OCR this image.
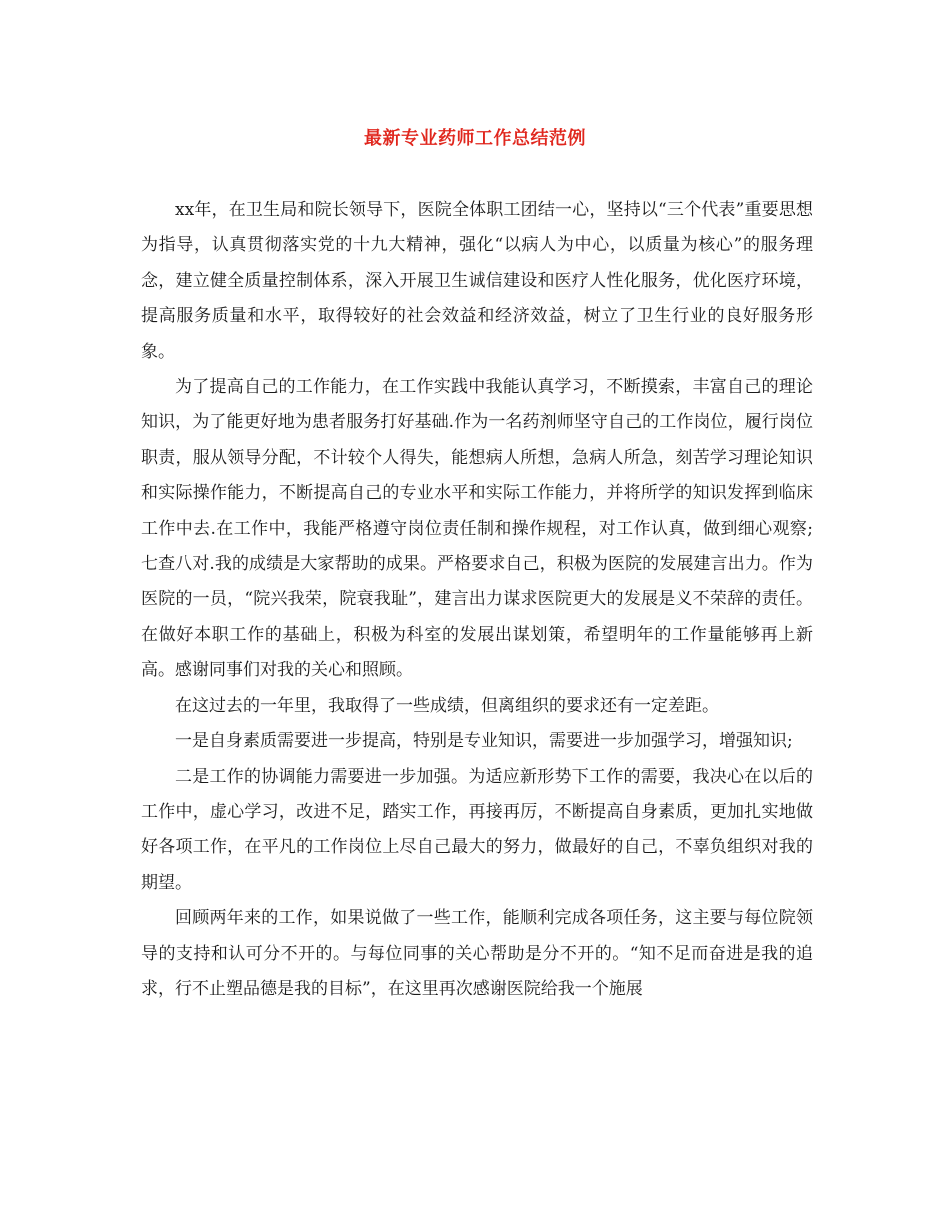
最新专业药师工作总结范例

xx年，在卫生局和院长领导下，医院全体职工团结一心，坚持以“三个代表”重要思想为指导，认真贯彻落实党的十九大精神，强化“以病人为中心，以质量为核心”的服务理念，建立健全质量控制体系，深入开展卫生诚信建设和医疗人性化服务，优化医疗环境，提高服务质量和水平，取得较好的社会效益和经济效益，树立了卫生行业的良好服务形象。

为了提高自己的工作能力，在工作实践中我能认真学习，不断摸索，丰富自己的理论知识，为了能更好地为患者服务打好基础.作为一名药剂师坚守自己的工作岗位，履行岗位职责，服从领导分配，不计较个人得失，能想病人所想，急病人所急，刻苦学习理论知识和实际操作能力，不断提高自己的专业水平和实际工作能力，并将所学的知识发挥到临床工作中去.在工作中，我能严格遵守岗位责任制和操作规程，对工作认真，做到细心观察;七查八对.我的成绩是大家帮助的成果。严格要求自己，积极为医院的发展建言出力。作为医院的一员，“院兴我荣，院衰我耻”，建言出力谋求医院更大的发展是义不荣辞的责任。在做好本职工作的基础上，积极为科室的发展出谋划策，希望明年的工作量能够再上新高。感谢同事们对我的关心和照顾。

在这过去的一年里，我取得了一些成绩，但离组织的要求还有一定差距。

一是自身素质需要进一步提高，特别是专业知识，需要进一步加强学习，增强知识;

二是工作的协调能力需要进一步加强。为适应新形势下工作的需要，我决心在以后的工作中，虚心学习，改进不足，踏实工作，再接再厉，不断提高自身素质，更加扎实地做好各项工作，在平凡的工作岗位上尽自己最大的努力，做最好的自己，不辜负组织对我的期望。

回顾两年来的工作，如果说做了一些工作，能顺利完成各项任务，这主要与每位院领导的支持和认可分不开的。与每位同事的关心帮助是分不开的。“知不足而奋进是我的追求，行不止塑品德是我的目标”，在这里再次感谢医院给我一个施展
